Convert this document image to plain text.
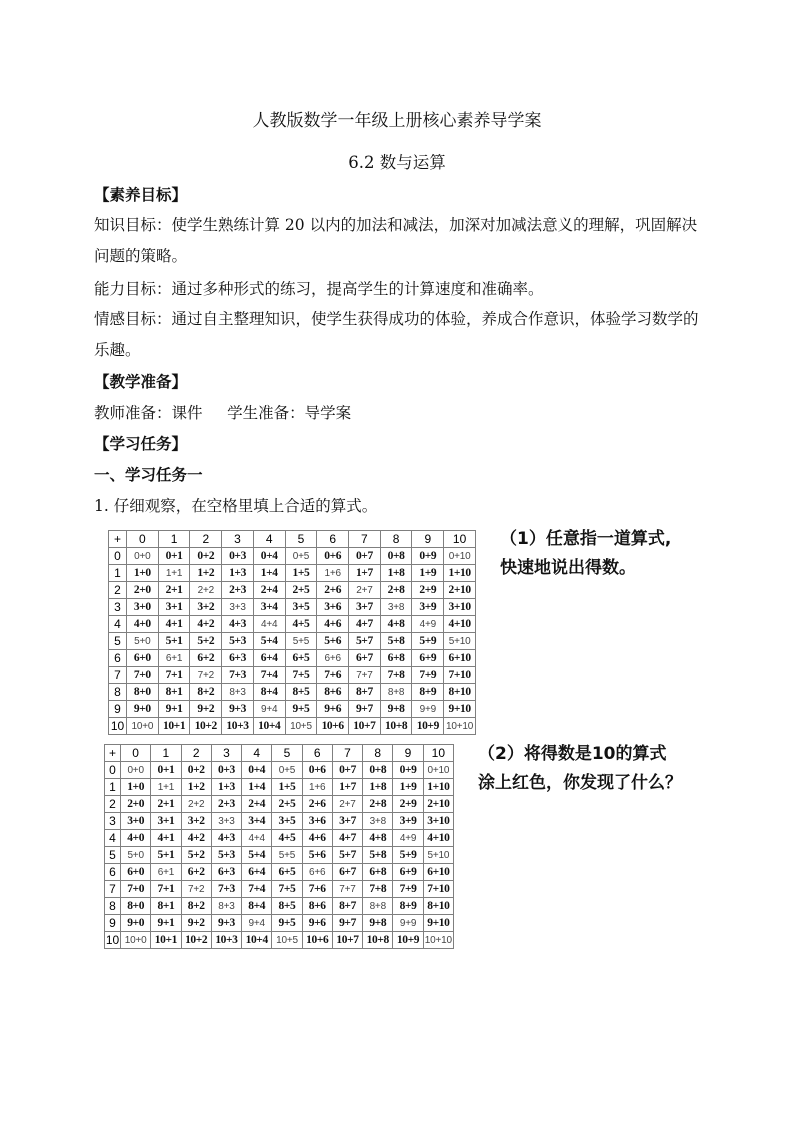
人教版数学一年级上册核心素养导学案
6.2 数与运算
【素养目标】
知识目标：使学生熟练计算 20 以内的加法和减法，加深对加减法意义的理解，巩固解决问题的策略。
能力目标：通过多种形式的练习，提高学生的计算速度和准确率。
情感目标：通过自主整理知识，使学生获得成功的体验，养成合作意识，体验学习数学的乐趣。
【教学准备】
教师准备：课件     学生准备：导学案
【学习任务】
一、学习任务一
1. 仔细观察，在空格里填上合适的算式。
+	0	1	2	3	4	5	6	7	8	9	10
0	0+0	0+1	0+2	0+3	0+4	0+5	0+6	0+7	0+8	0+9	0+10
1	1+0	1+1	1+2	1+3	1+4	1+5	1+6	1+7	1+8	1+9	1+10
2	2+0	2+1	2+2	2+3	2+4	2+5	2+6	2+7	2+8	2+9	2+10
3	3+0	3+1	3+2	3+3	3+4	3+5	3+6	3+7	3+8	3+9	3+10
4	4+0	4+1	4+2	4+3	4+4	4+5	4+6	4+7	4+8	4+9	4+10
5	5+0	5+1	5+2	5+3	5+4	5+5	5+6	5+7	5+8	5+9	5+10
6	6+0	6+1	6+2	6+3	6+4	6+5	6+6	6+7	6+8	6+9	6+10
7	7+0	7+1	7+2	7+3	7+4	7+5	7+6	7+7	7+8	7+9	7+10
8	8+0	8+1	8+2	8+3	8+4	8+5	8+6	8+7	8+8	8+9	8+10
9	9+0	9+1	9+2	9+3	9+4	9+5	9+6	9+7	9+8	9+9	9+10
10	10+0	10+1	10+2	10+3	10+4	10+5	10+6	10+7	10+8	10+9	10+10
（1）任意指一道算式,
快速地说出得数。
+	0	1	2	3	4	5	6	7	8	9	10
0	0+0	0+1	0+2	0+3	0+4	0+5	0+6	0+7	0+8	0+9	0+10
1	1+0	1+1	1+2	1+3	1+4	1+5	1+6	1+7	1+8	1+9	1+10
2	2+0	2+1	2+2	2+3	2+4	2+5	2+6	2+7	2+8	2+9	2+10
3	3+0	3+1	3+2	3+3	3+4	3+5	3+6	3+7	3+8	3+9	3+10
4	4+0	4+1	4+2	4+3	4+4	4+5	4+6	4+7	4+8	4+9	4+10
5	5+0	5+1	5+2	5+3	5+4	5+5	5+6	5+7	5+8	5+9	5+10
6	6+0	6+1	6+2	6+3	6+4	6+5	6+6	6+7	6+8	6+9	6+10
7	7+0	7+1	7+2	7+3	7+4	7+5	7+6	7+7	7+8	7+9	7+10
8	8+0	8+1	8+2	8+3	8+4	8+5	8+6	8+7	8+8	8+9	8+10
9	9+0	9+1	9+2	9+3	9+4	9+5	9+6	9+7	9+8	9+9	9+10
10	10+0	10+1	10+2	10+3	10+4	10+5	10+6	10+7	10+8	10+9	10+10
（2）将得数是10的算式
涂上红色，你发现了什么？
